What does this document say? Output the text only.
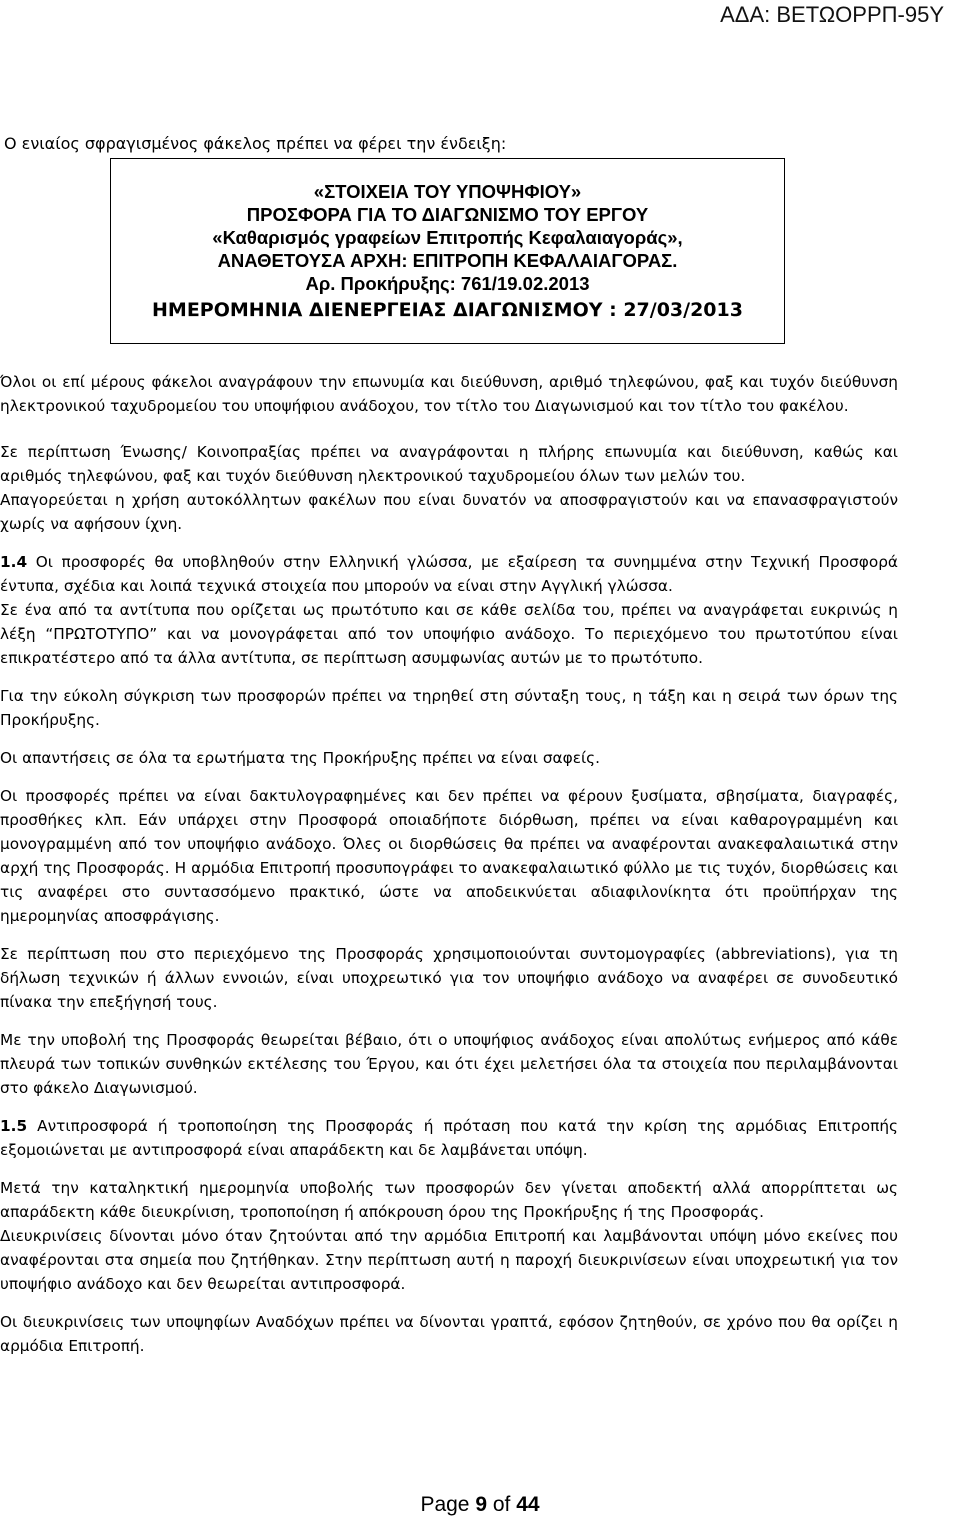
ΑΔΑ: ΒΕΤΩΟΡΡΠ-95Υ
Ο ενιαίος σφραγισμένος φάκελος πρέπει να φέρει την ένδειξη:
«ΣΤΟΙΧΕΙΑ ΤΟΥ ΥΠΟΨΗΦΙΟΥ»
ΠΡΟΣΦΟΡΑ ΓΙΑ ΤΟ ΔΙΑΓΩΝΙΣΜΟ ΤΟΥ ΕΡΓΟΥ
«Καθαρισμός γραφείων Επιτροπής Κεφαλαιαγοράς»,
ΑΝΑΘΕΤΟΥΣΑ ΑΡΧΗ: ΕΠΙΤΡΟΠΗ ΚΕΦΑΛΑΙΑΓΟΡΑΣ.
Αρ. Προκήρυξης: 761/19.02.2013
ΗΜΕΡΟΜΗΝΙΑ ΔΙΕΝΕΡΓΕΙΑΣ ΔΙΑΓΩΝΙΣΜΟΥ : 27/03/2013

Όλοι οι επί μέρους φάκελοι αναγράφουν την επωνυμία και διεύθυνση, αριθμό τηλεφώνου, φαξ και τυχόν διεύθυνση ηλεκτρονικού ταχυδρομείου του υποψήφιου ανάδοχου, τον τίτλο του Διαγωνισμού και τον τίτλο του φακέλου.

Σε περίπτωση Ένωσης/ Κοινοπραξίας πρέπει να αναγράφονται η πλήρης επωνυμία και διεύθυνση, καθώς και αριθμός τηλεφώνου, φαξ και τυχόν διεύθυνση ηλεκτρονικού ταχυδρομείου όλων των μελών του.

Απαγορεύεται η χρήση αυτοκόλλητων φακέλων που είναι δυνατόν να αποσφραγιστούν και να επανασφραγιστούν χωρίς να αφήσουν ίχνη.

1.4 Οι προσφορές θα υποβληθούν στην Ελληνική γλώσσα, με εξαίρεση τα συνημμένα στην Τεχνική Προσφορά έντυπα, σχέδια και λοιπά τεχνικά στοιχεία που μπορούν να είναι στην Αγγλική γλώσσα.

Σε ένα από τα αντίτυπα που ορίζεται ως πρωτότυπο και σε κάθε σελίδα του, πρέπει να αναγράφεται ευκρινώς η λέξη “ΠΡΩΤΟΤΥΠΟ” και να μονογράφεται από τον υποψήφιο ανάδοχο. Το περιεχόμενο του πρωτοτύπου είναι επικρατέστερο από τα άλλα αντίτυπα, σε περίπτωση ασυμφωνίας αυτών με το πρωτότυπο.

Για την εύκολη σύγκριση των προσφορών πρέπει να τηρηθεί στη σύνταξη τους, η τάξη και η σειρά των όρων της Προκήρυξης.

Οι απαντήσεις σε όλα τα ερωτήματα της Προκήρυξης πρέπει να είναι σαφείς.

Οι προσφορές πρέπει να είναι δακτυλογραφημένες και δεν πρέπει να φέρουν ξυσίματα, σβησίματα, διαγραφές, προσθήκες κλπ. Εάν υπάρχει στην Προσφορά οποιαδήποτε διόρθωση, πρέπει να είναι καθαρογραμμένη και μονογραμμένη από τον υποψήφιο ανάδοχο. Όλες οι διορθώσεις θα πρέπει να αναφέρονται ανακεφαλαιωτικά στην αρχή της Προσφοράς. Η αρμόδια Επιτροπή προσυπογράφει το ανακεφαλαιωτικό φύλλο με τις τυχόν, διορθώσεις και τις αναφέρει στο συντασσόμενο πρακτικό, ώστε να αποδεικνύεται αδιαφιλονίκητα ότι προϋπήρχαν της ημερομηνίας αποσφράγισης.

Σε περίπτωση που στο περιεχόμενο της Προσφοράς χρησιμοποιούνται συντομογραφίες (abbreviations), για τη δήλωση τεχνικών ή άλλων εννοιών, είναι υποχρεωτικό για τον υποψήφιο ανάδοχο να αναφέρει σε συνοδευτικό πίνακα την επεξήγησή τους.

Με την υποβολή της Προσφοράς θεωρείται βέβαιο, ότι ο υποψήφιος ανάδοχος είναι απολύτως ενήμερος από κάθε πλευρά των τοπικών συνθηκών εκτέλεσης του Έργου, και ότι έχει μελετήσει όλα τα στοιχεία που περιλαμβάνονται στο φάκελο Διαγωνισμού.

1.5 Αντιπροσφορά ή τροποποίηση της Προσφοράς ή πρόταση που κατά την κρίση της αρμόδιας Επιτροπής εξομοιώνεται με αντιπροσφορά είναι απαράδεκτη και δε λαμβάνεται υπόψη.

Μετά την καταληκτική ημερομηνία υποβολής των προσφορών δεν γίνεται αποδεκτή αλλά απορρίπτεται ως απαράδεκτη κάθε διευκρίνιση, τροποποίηση ή απόκρουση όρου της Προκήρυξης ή της Προσφοράς.

Διευκρινίσεις δίνονται μόνο όταν ζητούνται από την αρμόδια Επιτροπή και λαμβάνονται υπόψη μόνο εκείνες που αναφέρονται στα σημεία που ζητήθηκαν. Στην περίπτωση αυτή η παροχή διευκρινίσεων είναι υποχρεωτική για τον υποψήφιο ανάδοχο και δεν θεωρείται αντιπροσφορά.

Οι διευκρινίσεις των υποψηφίων Αναδόχων πρέπει να δίνονται γραπτά, εφόσον ζητηθούν, σε χρόνο που θα ορίζει η αρμόδια Επιτροπή.

Page 9 of 44
